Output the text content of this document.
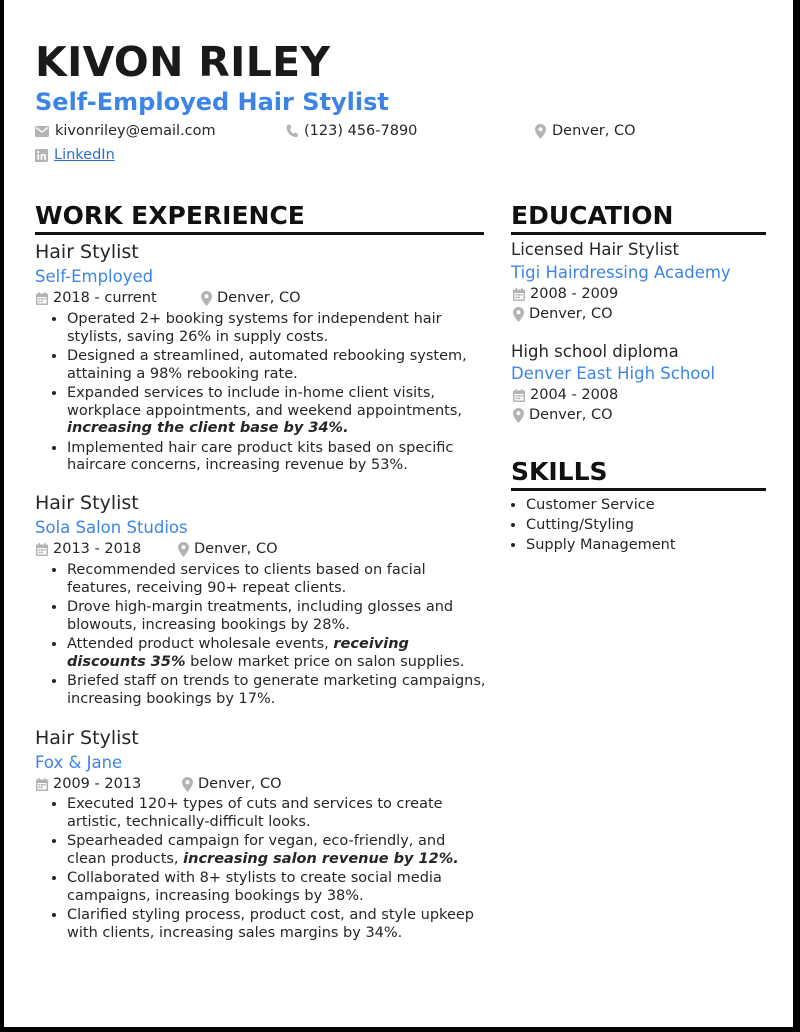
KIVON RILEY
Self-Employed Hair Stylist
kivonriley@email.com	(123) 456-7890	Denver, CO
LinkedIn
WORK EXPERIENCE
Hair Stylist
Self-Employed
2018 - current	Denver, CO
• Operated 2+ booking systems for independent hair stylists, saving 26% in supply costs.
• Designed a streamlined, automated rebooking system, attaining a 98% rebooking rate.
• Expanded services to include in-home client visits, workplace appointments, and weekend appointments, increasing the client base by 34%.
• Implemented hair care product kits based on specific haircare concerns, increasing revenue by 53%.
Hair Stylist
Sola Salon Studios
2013 - 2018	Denver, CO
• Recommended services to clients based on facial features, receiving 90+ repeat clients.
• Drove high-margin treatments, including glosses and blowouts, increasing bookings by 28%.
• Attended product wholesale events, receiving discounts 35% below market price on salon supplies.
• Briefed staff on trends to generate marketing campaigns, increasing bookings by 17%.
Hair Stylist
Fox & Jane
2009 - 2013	Denver, CO
• Executed 120+ types of cuts and services to create artistic, technically-difficult looks.
• Spearheaded campaign for vegan, eco-friendly, and clean products, increasing salon revenue by 12%.
• Collaborated with 8+ stylists to create social media campaigns, increasing bookings by 38%.
• Clarified styling process, product cost, and style upkeep with clients, increasing sales margins by 34%.
EDUCATION
Licensed Hair Stylist
Tigi Hairdressing Academy
2008 - 2009
Denver, CO
High school diploma
Denver East High School
2004 - 2008
Denver, CO
SKILLS
• Customer Service
• Cutting/Styling
• Supply Management
